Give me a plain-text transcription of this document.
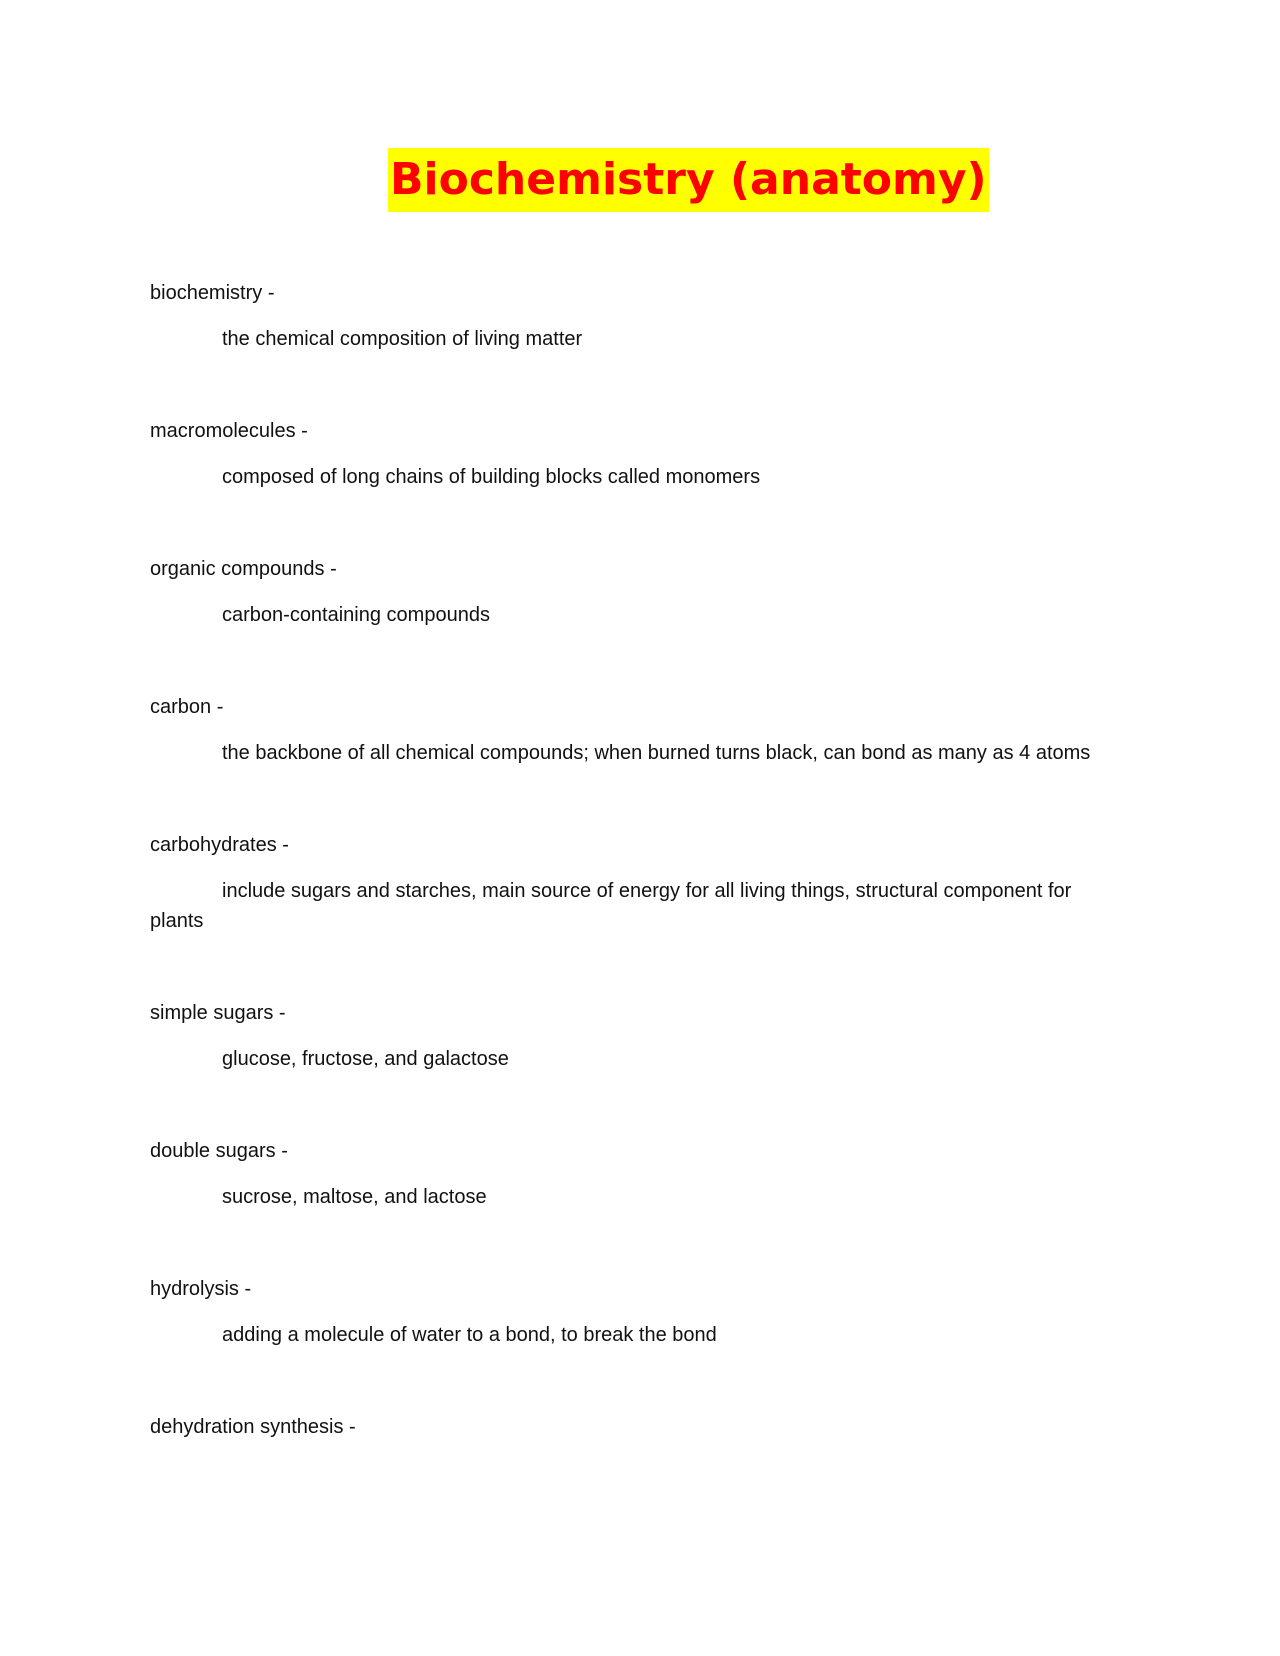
Biochemistry (anatomy)

biochemistry -

the chemical composition of living matter

macromolecules -

composed of long chains of building blocks called monomers

organic compounds -

carbon-containing compounds

carbon -

the backbone of all chemical compounds; when burned turns black, can bond as many as 4 atoms

carbohydrates -

include sugars and starches, main source of energy for all living things, structural component for plants

simple sugars -

glucose, fructose, and galactose

double sugars -

sucrose, maltose, and lactose

hydrolysis -

adding a molecule of water to a bond, to break the bond

dehydration synthesis -
